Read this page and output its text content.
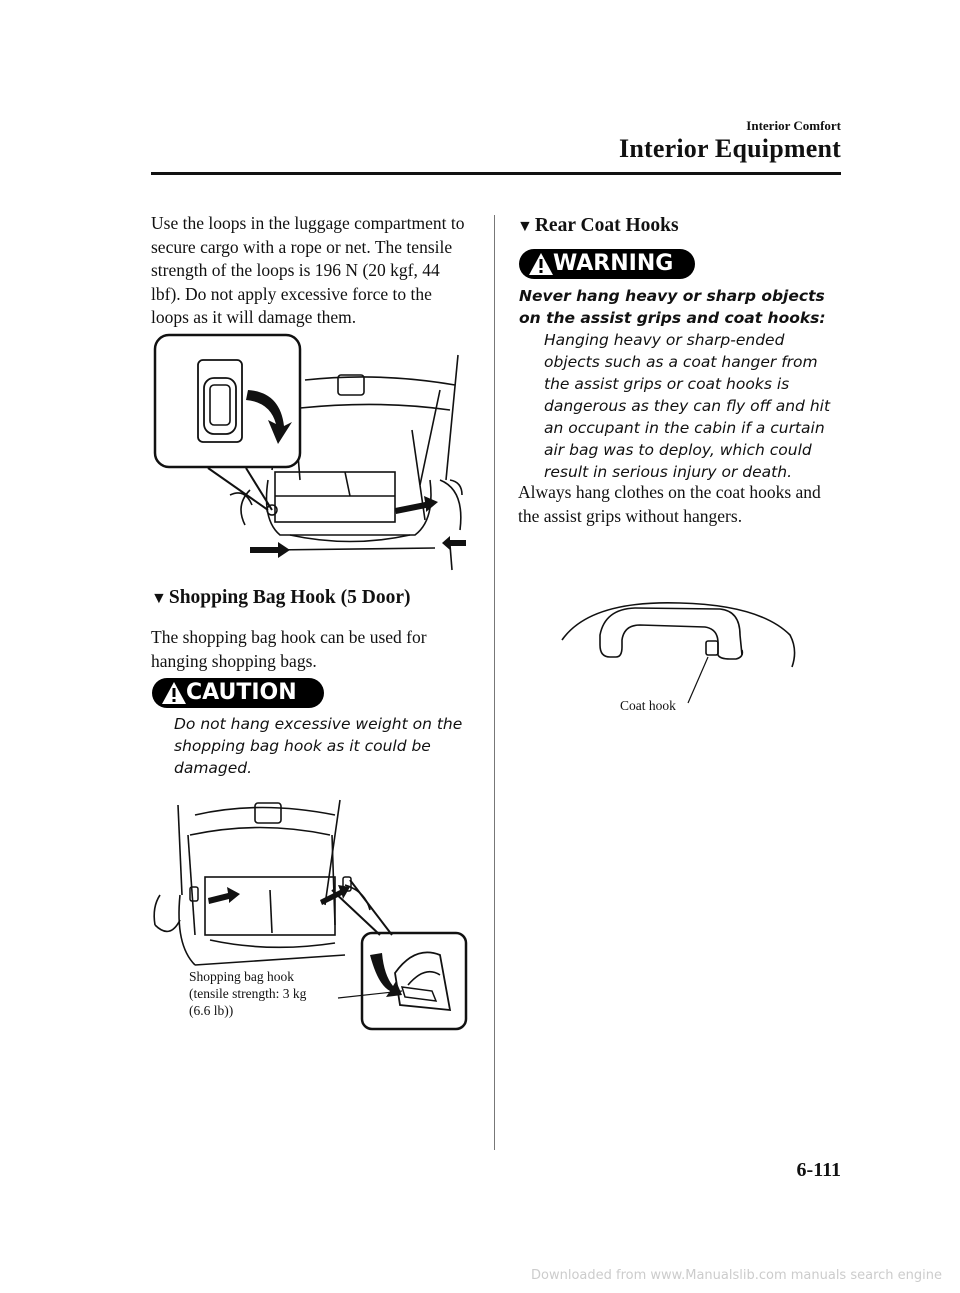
Interior Comfort
Interior Equipment
Use the loops in the luggage compartment to secure cargo with a rope or net. The tensile strength of the loops is 196 N (20 kgf, 44 lbf). Do not apply excessive force to the loops as it will damage them.
▼ Shopping Bag Hook (5 Door)
The shopping bag hook can be used for hanging shopping bags.
CAUTION
Do not hang excessive weight on the shopping bag hook as it could be damaged.
Shopping bag hook
(tensile strength: 3 kg
(6.6 lb))
▼ Rear Coat Hooks
WARNING
Never hang heavy or sharp objects on the assist grips and coat hooks:
Hanging heavy or sharp-ended objects such as a coat hanger from the assist grips or coat hooks is dangerous as they can fly off and hit an occupant in the cabin if a curtain air bag was to deploy, which could result in serious injury or death.
Always hang clothes on the coat hooks and the assist grips without hangers.
Coat hook
6-111
Downloaded from www.Manualslib.com manuals search engine
